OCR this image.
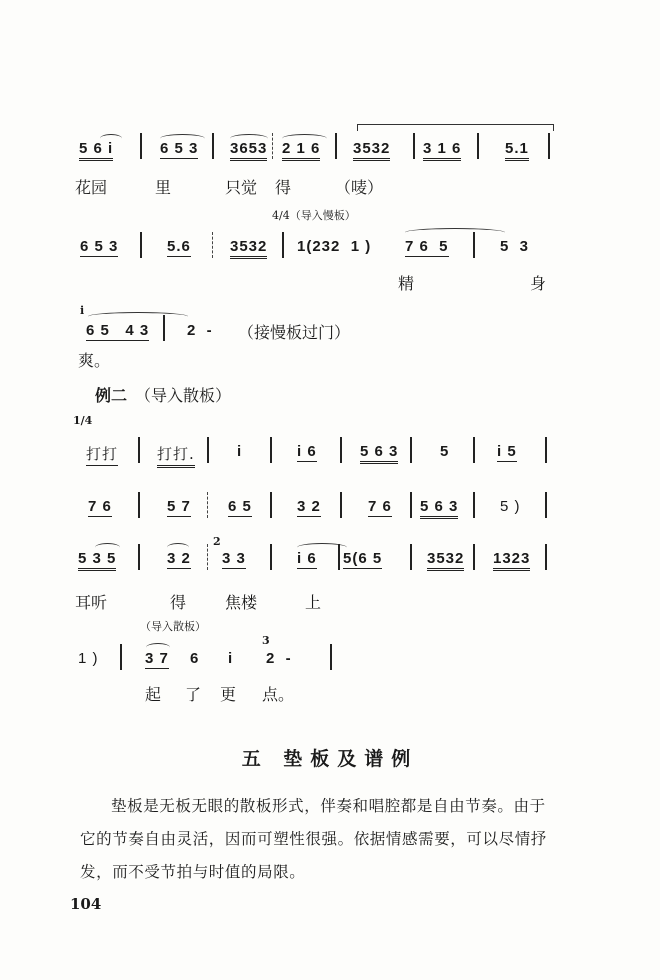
5 6 i	6 5 3 3653 2 1 6 3532 3 1 6	5.1
花园	里	只觉 得	（唛）
4/4（导入慢板）
6 5 3	5.6	3532 1(232  1 ) 7 6  5	5  3
精	身
i
6 5   4 3	2  - （接慢板过门）
爽。
例二 （导入散板）
1/4
打打	打打.	i	i 6	5 6 3	5	i 5
7 6	5 7 6 5	3 2	7 6 5 6 3	5 )
5 3 5	3 2
2
3 3	i 6 5(6 5	3532 1323
耳听	得 焦楼	上
（导入散板）
1 )	3 7 6 i
3
2  -
起 了 更 点。
五 垫板及谱例
垫板是无板无眼的散板形式，伴奏和唱腔都是自由节奏。由于它的节奏自由灵活，因而可塑性很强。依据情感需要，可以尽情抒发，而不受节拍与时值的局限。
104
